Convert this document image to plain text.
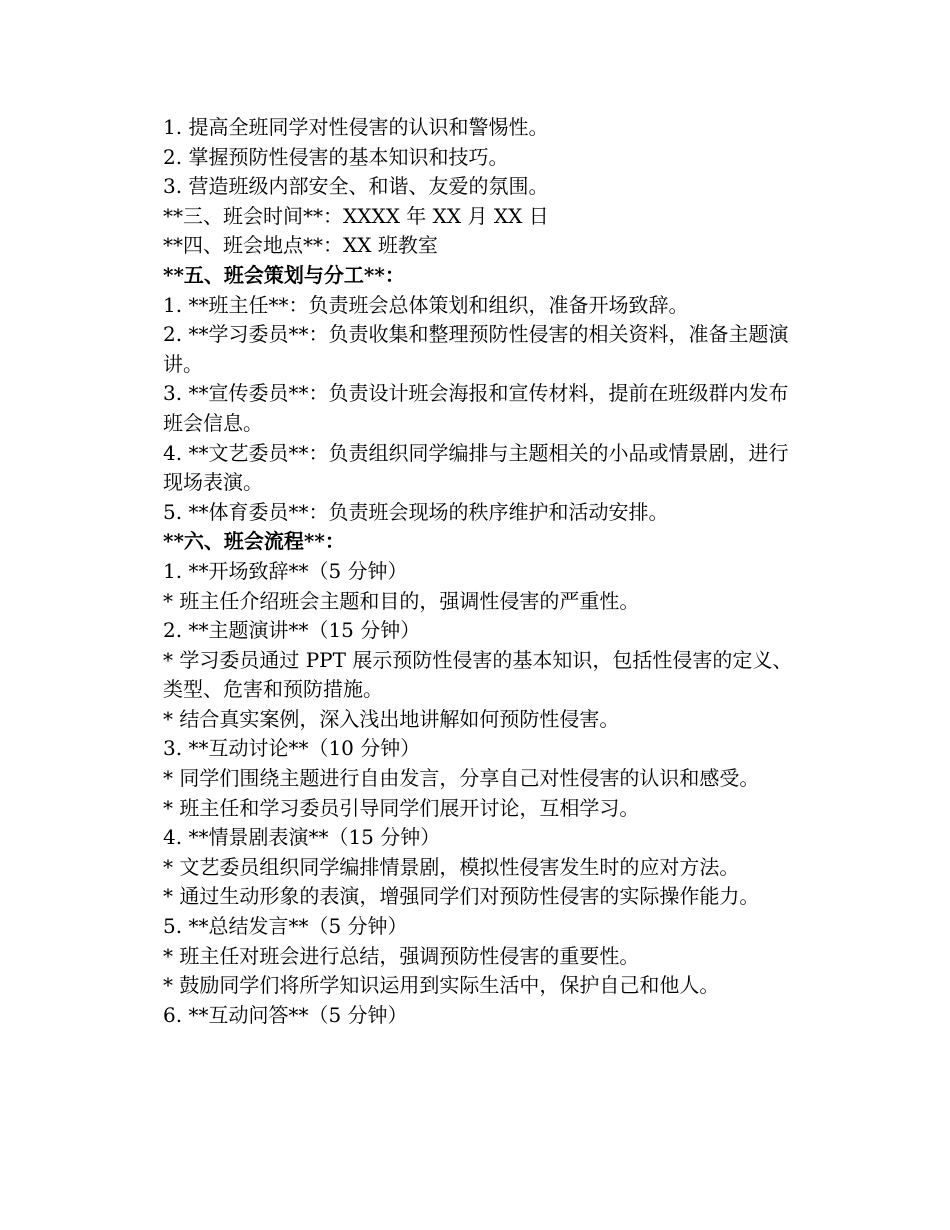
1. 提高全班同学对性侵害的认识和警惕性。
2. 掌握预防性侵害的基本知识和技巧。
3. 营造班级内部安全、和谐、友爱的氛围。
**三、班会时间**：XXXX 年 XX 月 XX 日
**四、班会地点**：XX 班教室
**五、班会策划与分工**：
1. **班主任**：负责班会总体策划和组织，准备开场致辞。
2. **学习委员**：负责收集和整理预防性侵害的相关资料，准备主题演讲。
3. **宣传委员**：负责设计班会海报和宣传材料，提前在班级群内发布班会信息。
4. **文艺委员**：负责组织同学编排与主题相关的小品或情景剧，进行现场表演。
5. **体育委员**：负责班会现场的秩序维护和活动安排。
**六、班会流程**：
1. **开场致辞**（5 分钟）
* 班主任介绍班会主题和目的，强调性侵害的严重性。
2. **主题演讲**（15 分钟）
* 学习委员通过 PPT 展示预防性侵害的基本知识，包括性侵害的定义、类型、危害和预防措施。
* 结合真实案例，深入浅出地讲解如何预防性侵害。
3. **互动讨论**（10 分钟）
* 同学们围绕主题进行自由发言，分享自己对性侵害的认识和感受。
* 班主任和学习委员引导同学们展开讨论，互相学习。
4. **情景剧表演**（15 分钟）
* 文艺委员组织同学编排情景剧，模拟性侵害发生时的应对方法。
* 通过生动形象的表演，增强同学们对预防性侵害的实际操作能力。
5. **总结发言**（5 分钟）
* 班主任对班会进行总结，强调预防性侵害的重要性。
* 鼓励同学们将所学知识运用到实际生活中，保护自己和他人。
6. **互动问答**（5 分钟）
